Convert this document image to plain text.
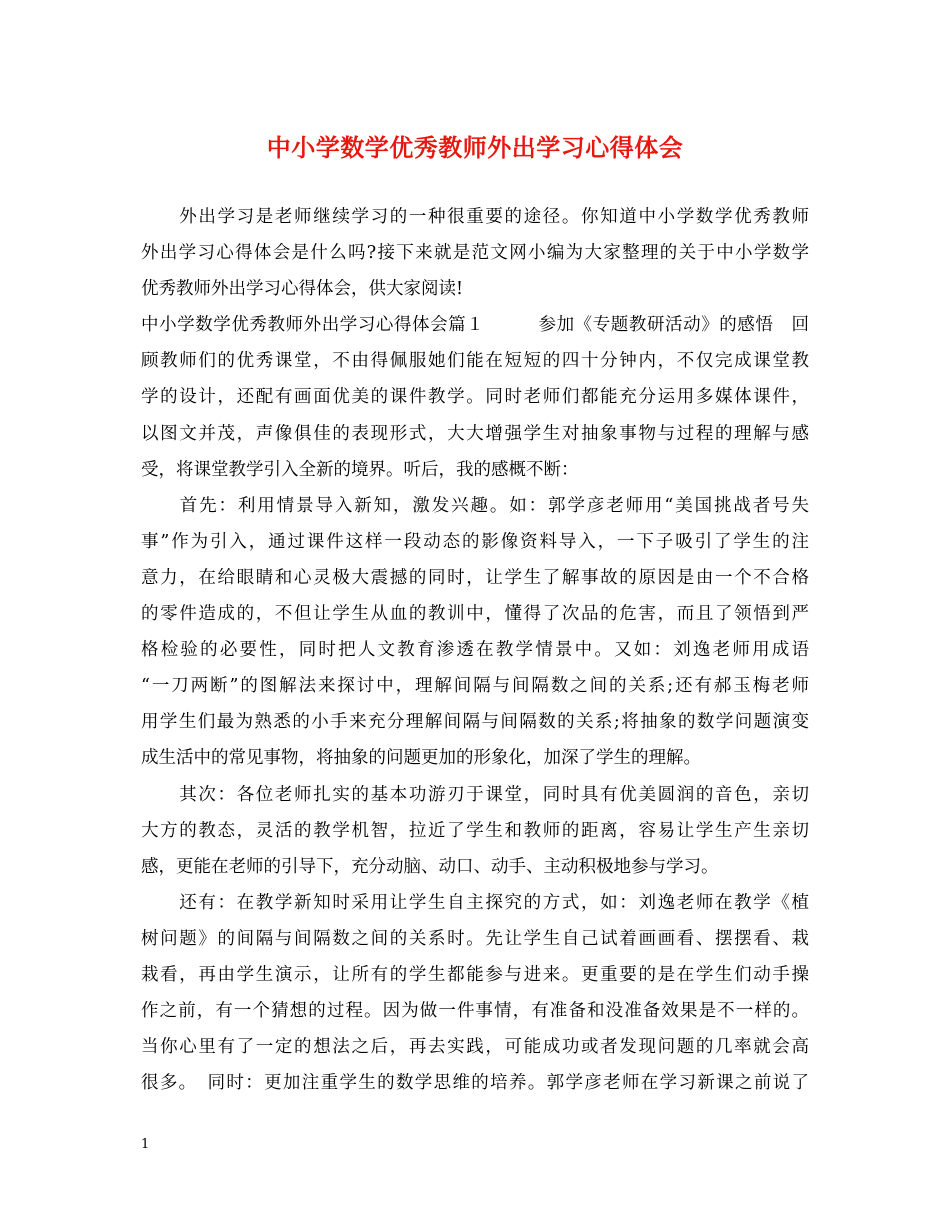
中小学数学优秀教师外出学习心得体会
　　外出学习是老师继续学习的一种很重要的途径。你知道中小学数学优秀教师
外出学习心得体会是什么吗?接下来就是范文网小编为大家整理的关于中小学数学
优秀教师外出学习心得体会，供大家阅读!
中小学数学优秀教师外出学习心得体会篇１　　　参加《专题教研活动》的感悟　回
顾教师们的优秀课堂，不由得佩服她们能在短短的四十分钟内，不仅完成课堂教
学的设计，还配有画面优美的课件教学。同时老师们都能充分运用多媒体课件，
以图文并茂，声像俱佳的表现形式，大大增强学生对抽象事物与过程的理解与感
受，将课堂教学引入全新的境界。听后，我的感概不断：
　　首先：利用情景导入新知，激发兴趣。如：郭学彦老师用“美国挑战者号失
事”作为引入，通过课件这样一段动态的影像资料导入，一下子吸引了学生的注
意力，在给眼睛和心灵极大震撼的同时，让学生了解事故的原因是由一个不合格
的零件造成的，不但让学生从血的教训中，懂得了次品的危害，而且了领悟到严
格检验的必要性，同时把人文教育渗透在教学情景中。又如：刘逸老师用成语
“一刀两断”的图解法来探讨中，理解间隔与间隔数之间的关系;还有郝玉梅老师
用学生们最为熟悉的小手来充分理解间隔与间隔数的关系;将抽象的数学问题演变
成生活中的常见事物，将抽象的问题更加的形象化，加深了学生的理解。
　　其次：各位老师扎实的基本功游刃于课堂，同时具有优美圆润的音色，亲切
大方的教态，灵活的教学机智，拉近了学生和教师的距离，容易让学生产生亲切
感，更能在老师的引导下，充分动脑、动口、动手、主动积极地参与学习。
　　还有：在教学新知时采用让学生自主探究的方式，如：刘逸老师在教学《植
树问题》的间隔与间隔数之间的关系时。先让学生自己试着画画看、摆摆看、栽
栽看，再由学生演示，让所有的学生都能参与进来。更重要的是在学生们动手操
作之前，有一个猜想的过程。因为做一件事情，有准备和没准备效果是不一样的。
当你心里有了一定的想法之后，再去实践，可能成功或者发现问题的几率就会高
很多。　同时：更加注重学生的数学思维的培养。郭学彦老师在学习新课之前说了
1
